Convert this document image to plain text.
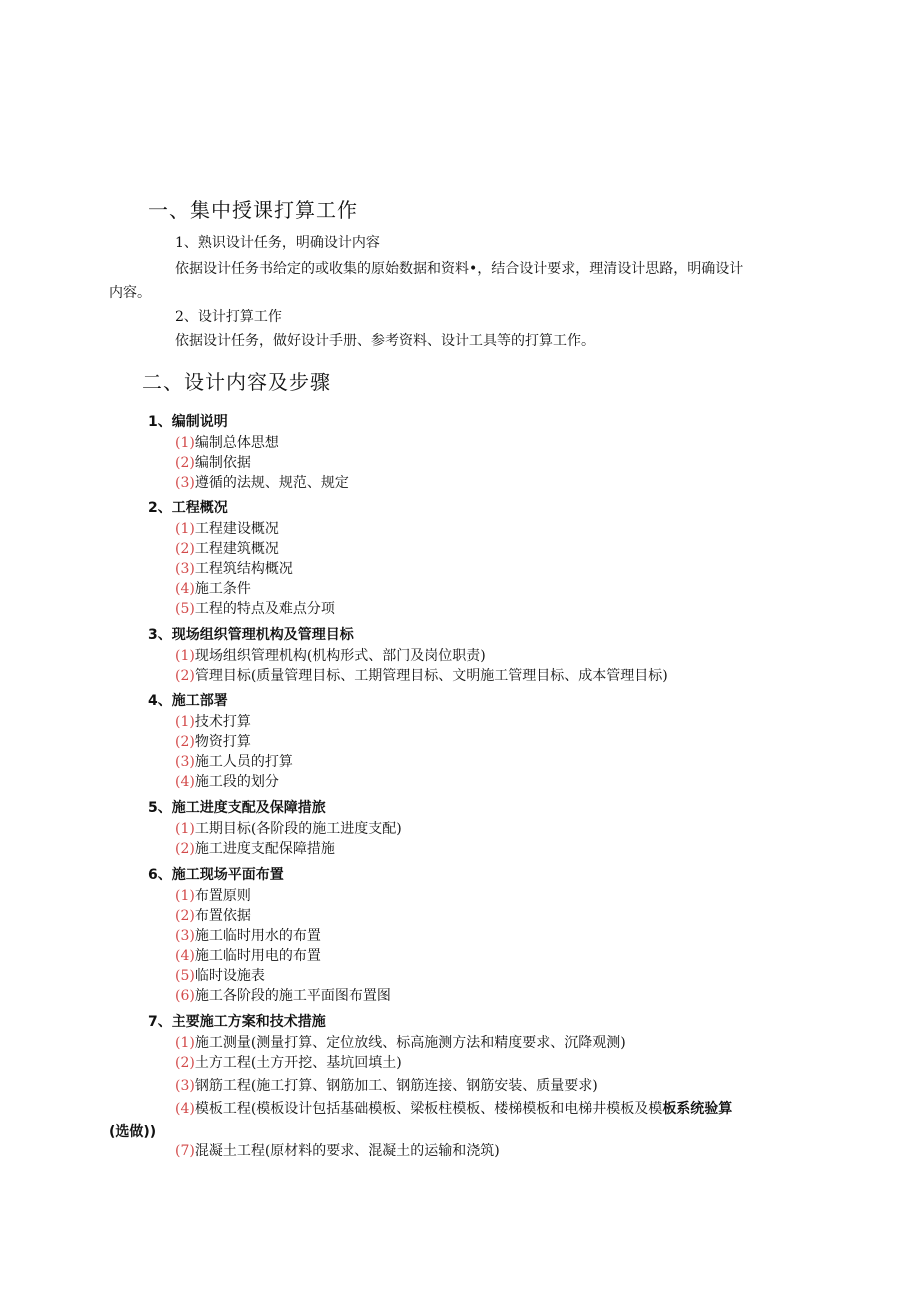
一、集中授课打算工作
1、熟识设计任务，明确设计内容
依据设计任务书给定的或收集的原始数据和资料•，结合设计要求，理清设计思路，明确设计
内容。
2、设计打算工作
依据设计任务，做好设计手册、参考资料、设计工具等的打算工作。
二、设计内容及步骤
1、编制说明
(1)编制总体思想
(2)编制依据
(3)遵循的法规、规范、规定
2、工程概况
(1)工程建设概况
(2)工程建筑概况
(3)工程筑结构概况
(4)施工条件
(5)工程的特点及难点分项
3、现场组织管理机构及管理目标
(1)现场组织管理机构(机构形式、部门及岗位职责)
(2)管理目标(质量管理目标、工期管理目标、文明施工管理目标、成本管理目标)
4、施工部署
(1)技术打算
(2)物资打算
(3)施工人员的打算
(4)施工段的划分
5、施工进度支配及保障措旅
(1)工期目标(各阶段的施工进度支配)
(2)施工进度支配保障措施
6、施工现场平面布置
(1)布置原则
(2)布置依据
(3)施工临时用水的布置
(4)施工临时用电的布置
(5)临时设施表
(6)施工各阶段的施工平面图布置图
7、主要施工方案和技术措施
(1)施工测量(测量打算、定位放线、标高施测方法和精度要求、沉降观测)
(2)土方工程(土方开挖、基坑回填土)
(3)钢筋工程(施工打算、钢筋加工、钢筋连接、钢筋安装、质量要求)
(4)模板工程(模板设计包括基础模板、梁板柱模板、楼梯模板和电梯井模板及模板系统验算
(选做))
(7)混凝土工程(原材料的要求、混凝土的运输和浇筑)
